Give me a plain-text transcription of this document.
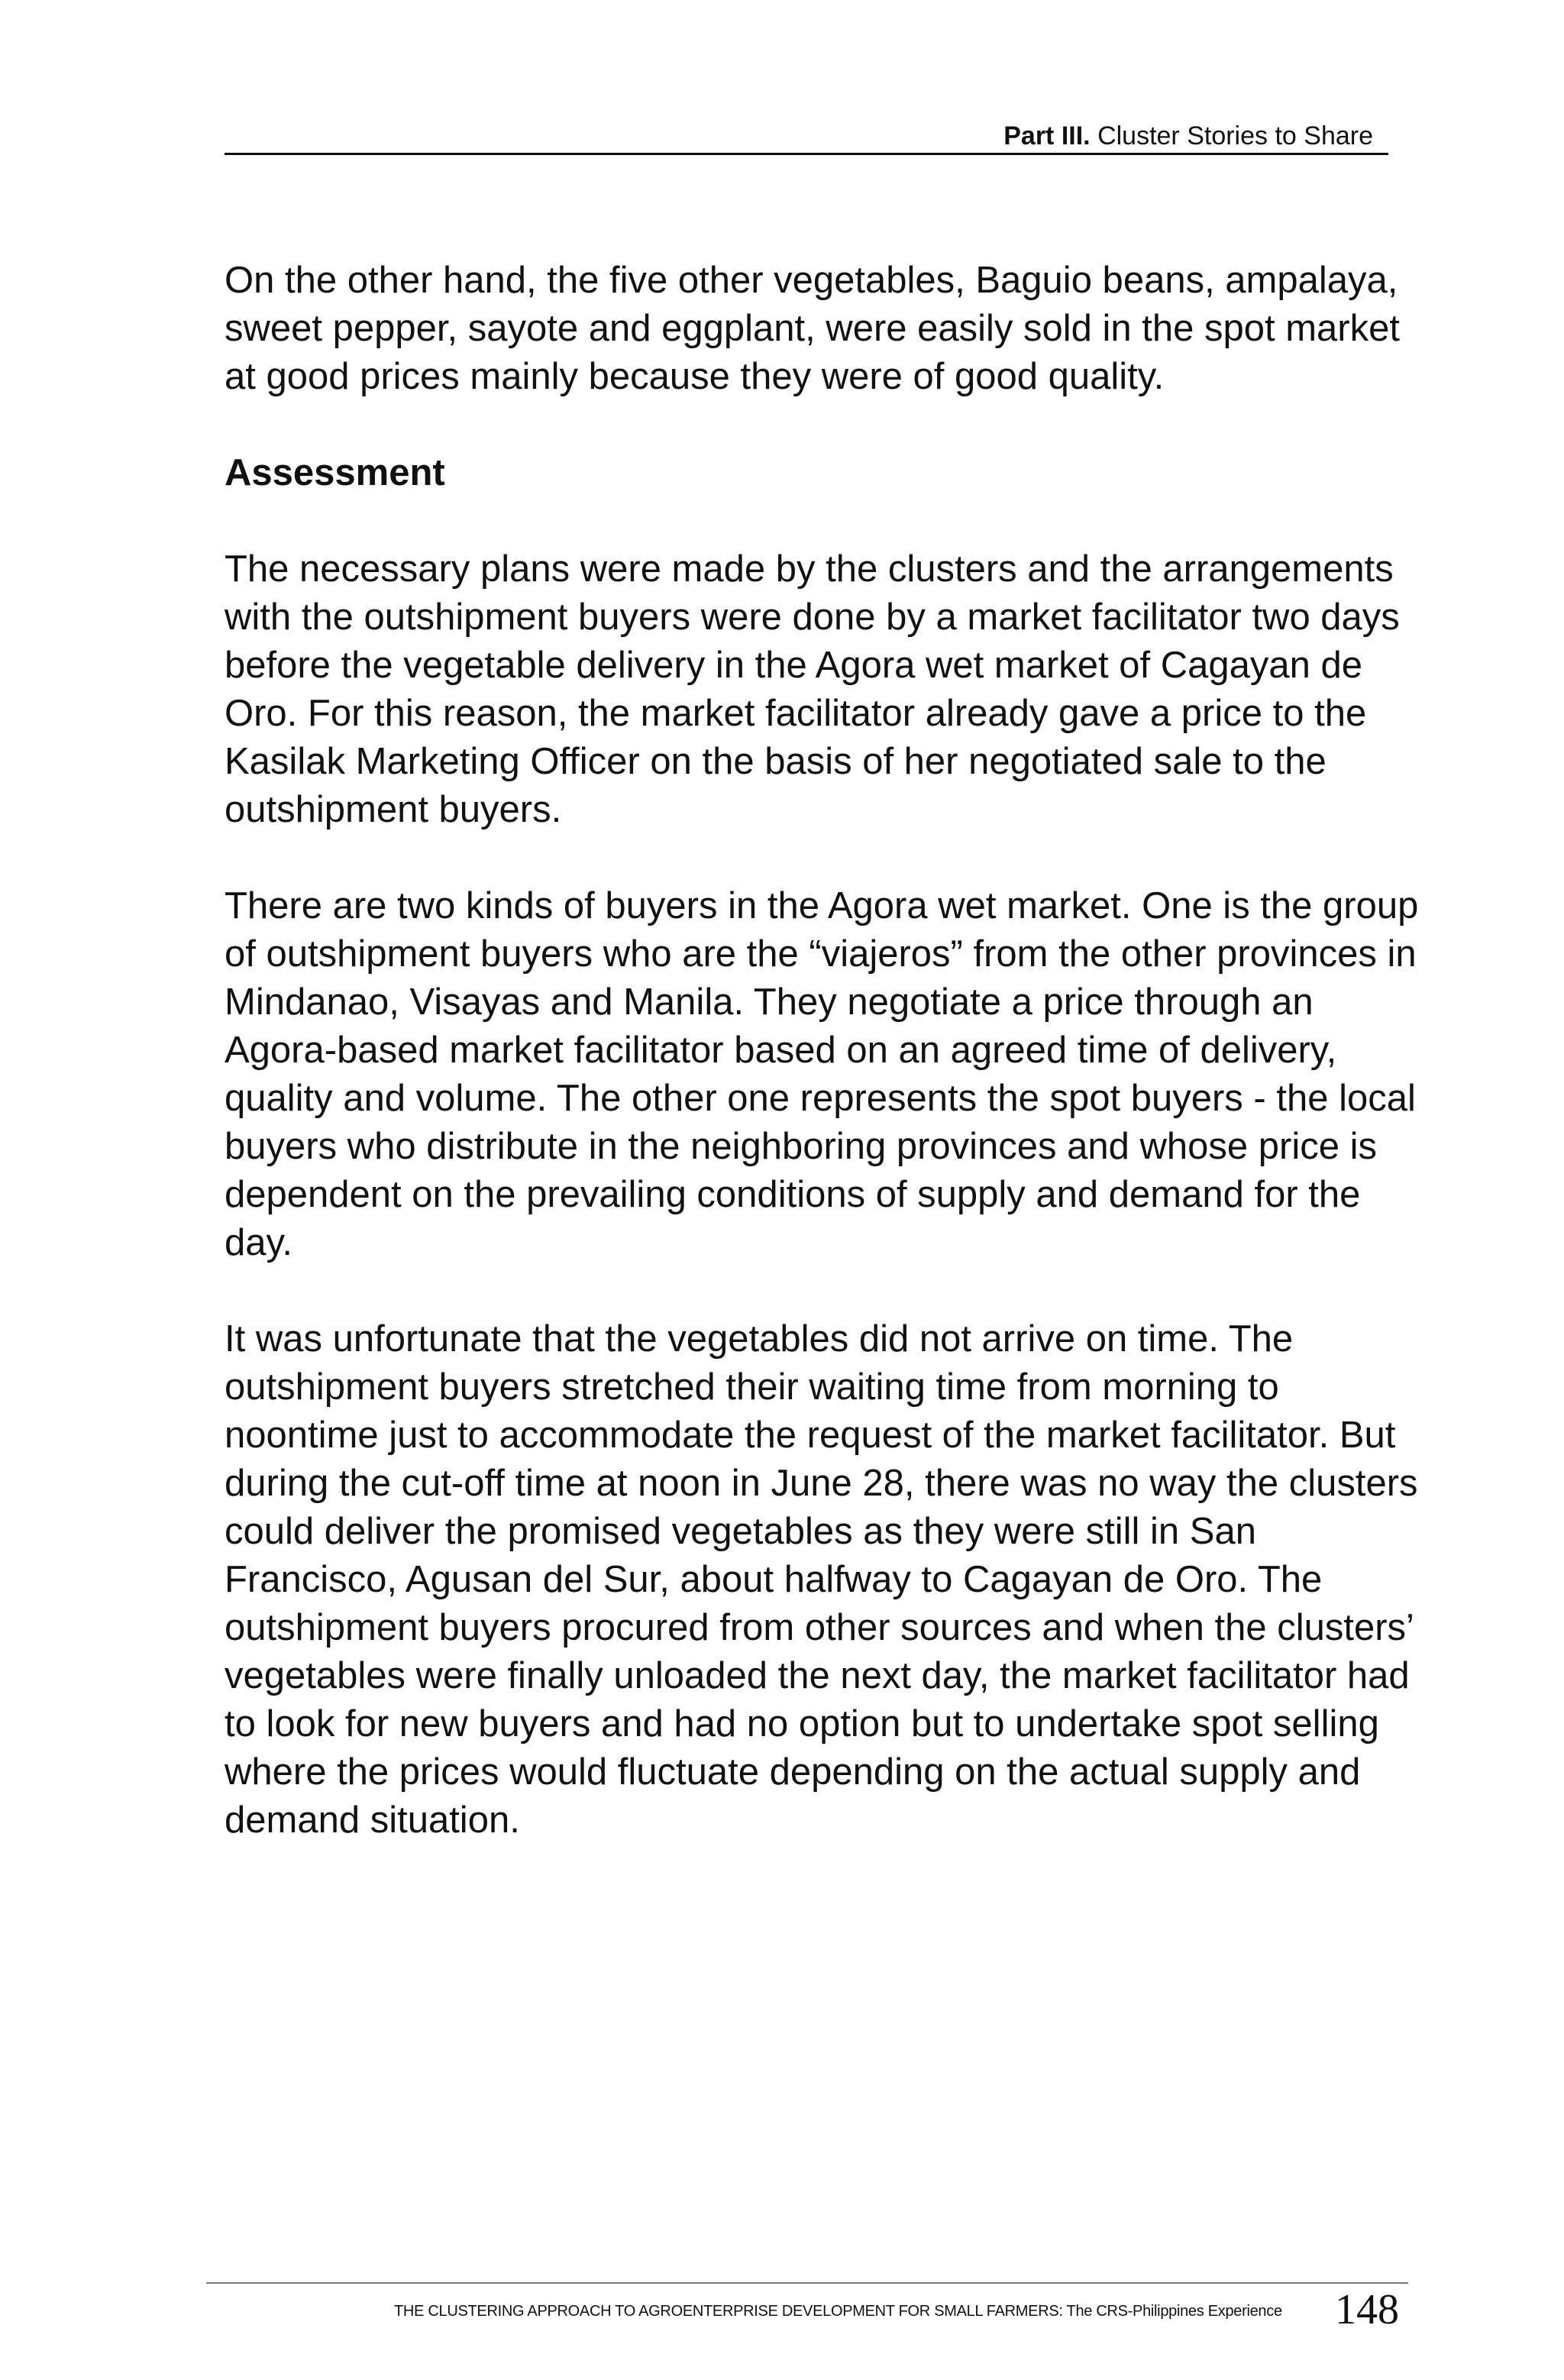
Part III. Cluster Stories to Share

On the other hand, the five other vegetables, Baguio beans, ampalaya, sweet pepper, sayote and eggplant, were easily sold in the spot market at good prices mainly because they were of good quality.

Assessment

The necessary plans were made by the clusters and the arrangements with the outshipment buyers were done by a market facilitator two days before the vegetable delivery in the Agora wet market of Cagayan de Oro. For this reason, the market facilitator already gave a price to the Kasilak Marketing Officer on the basis of her negotiated sale to the outshipment buyers.

There are two kinds of buyers in the Agora wet market. One is the group of outshipment buyers who are the “viajeros” from the other provinces in Mindanao, Visayas and Manila. They negotiate a price through an Agora-based market facilitator based on an agreed time of delivery, quality and volume. The other one represents the spot buyers - the local buyers who distribute in the neighboring provinces and whose price is dependent on the prevailing conditions of supply and demand for the day.

It was unfortunate that the vegetables did not arrive on time. The outshipment buyers stretched their waiting time from morning to noontime just to accommodate the request of the market facilitator. But during the cut-off time at noon in June 28, there was no way the clusters could deliver the promised vegetables as they were still in San Francisco, Agusan del Sur, about halfway to Cagayan de Oro. The outshipment buyers procured from other sources and when the clusters’ vegetables were finally unloaded the next day, the market facilitator had to look for new buyers and had no option but to undertake spot selling where the prices would fluctuate depending on the actual supply and demand situation.

THE CLUSTERING APPROACH TO AGROENTERPRISE DEVELOPMENT FOR SMALL FARMERS: The CRS-Philippines Experience 148
